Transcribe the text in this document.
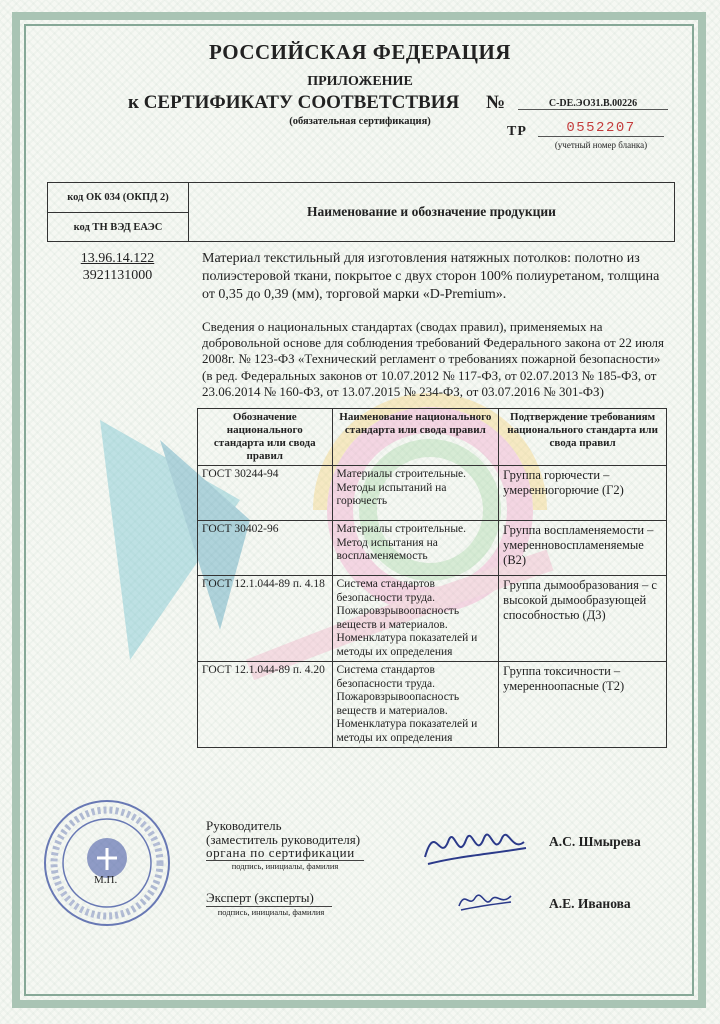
РОССИЙСКАЯ ФЕДЕРАЦИЯ
ПРИЛОЖЕНИЕ
к СЕРТИФИКАТУ СООТВЕТСТВИЯ №	C-DE.ЭО31.В.00226
(обязательная сертификация)
ТР	0552207
(учетный номер бланка)
код ОК 034 (ОКПД 2)
код ТН ВЭД ЕАЭС
Наименование и обозначение продукции
13.96.14.122
3921131000
Материал текстильный для изготовления натяжных потолков: полотно из полиэстеровой ткани, покрытое с двух сторон 100% полиуретаном, толщина от 0,35 до 0,39 (мм), торговой марки «D-Premium».
Сведения о национальных стандартах (сводах правил), применяемых на добровольной основе для соблюдения требований Федерального закона от 22 июля 2008г. № 123-ФЗ «Технический регламент о требованиях пожарной безопасности» (в ред. Федеральных законов от 10.07.2012 № 117-ФЗ, от 02.07.2013 № 185-ФЗ, от 23.06.2014 № 160-ФЗ, от 13.07.2015 № 234-ФЗ, от 03.07.2016 № 301-ФЗ)
Обозначение национального стандарта или свода правил	Наименование национального стандарта или свода правил	Подтверждение требованиям национального стандарта или свода правил
ГОСТ 30244-94	Материалы строительные. Методы испытаний на горючесть	Группа горючести – умеренногорючие (Г2)
ГОСТ 30402-96	Материалы строительные. Метод испытания на воспламеняемость	Группа воспламеняемости – умеренновоспламеняемые (В2)
ГОСТ 12.1.044-89 п. 4.18	Система стандартов безопасности труда. Пожаровзрывоопасность веществ и материалов. Номенклатура показателей и методы их определения	Группа дымообразования – с высокой дымообразующей способностью (Д3)
ГОСТ 12.1.044-89 п. 4.20	Система стандартов безопасности труда. Пожаровзрывоопасность веществ и материалов. Номенклатура показателей и методы их определения	Группа токсичности – умеренноопасные (Т2)
М.П.
Руководитель
(заместитель руководителя)
органа по сертификации
подпись, инициалы, фамилия
А.С. Шмырева
Эксперт (эксперты)
подпись, инициалы, фамилия
А.Е. Иванова
